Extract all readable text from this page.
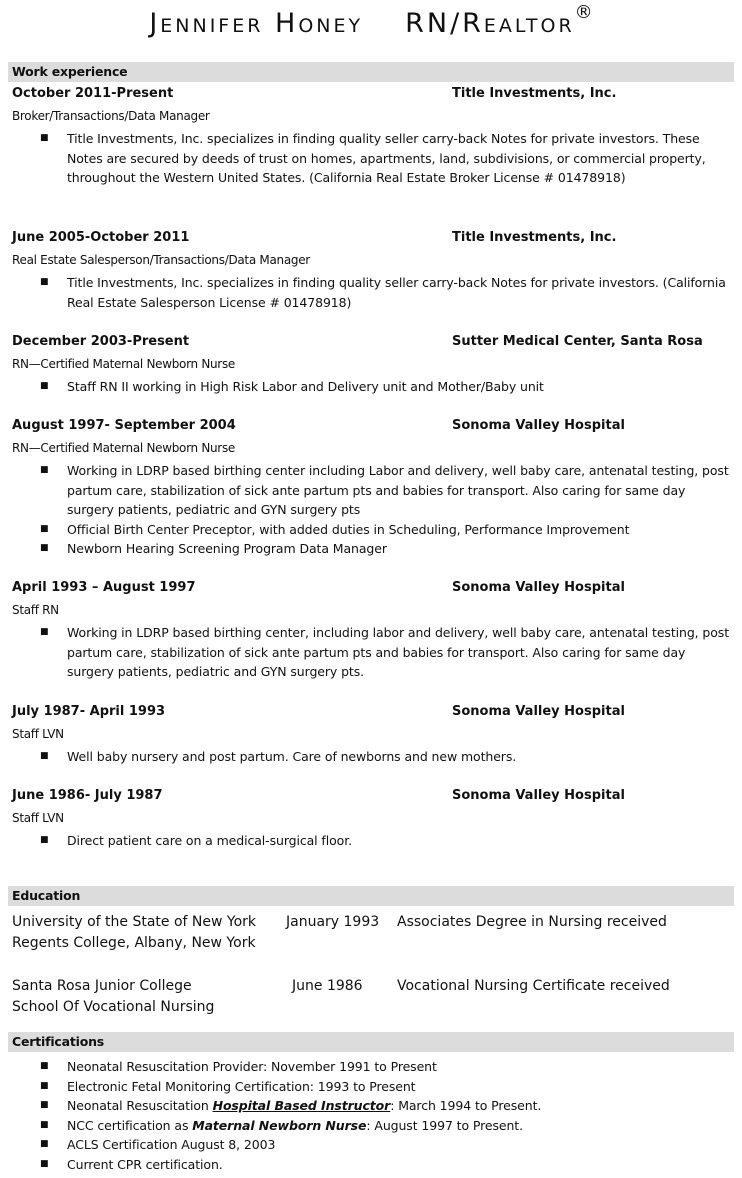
Jennifer Honey RN/Realtor®
Work experience
October 2011-Present	Title Investments, Inc.
Broker/Transactions/Data Manager
■ Title Investments, Inc. specializes in finding quality seller carry-back Notes for private investors. These Notes are secured by deeds of trust on homes, apartments, land, subdivisions, or commercial property, throughout the Western United States. (California Real Estate Broker License # 01478918)
June 2005-October 2011	Title Investments, Inc.
Real Estate Salesperson/Transactions/Data Manager
■ Title Investments, Inc. specializes in finding quality seller carry-back Notes for private investors. (California Real Estate Salesperson License # 01478918)
December 2003-Present	Sutter Medical Center, Santa Rosa
RN—Certified Maternal Newborn Nurse
■ Staff RN II working in High Risk Labor and Delivery unit and Mother/Baby unit
August 1997- September 2004	Sonoma Valley Hospital
RN—Certified Maternal Newborn Nurse
■ Working in LDRP based birthing center including Labor and delivery, well baby care, antenatal testing, post partum care, stabilization of sick ante partum pts and babies for transport. Also caring for same day surgery patients, pediatric and GYN surgery pts
■ Official Birth Center Preceptor, with added duties in Scheduling, Performance Improvement
■ Newborn Hearing Screening Program Data Manager
April 1993 – August 1997	Sonoma Valley Hospital
Staff RN
■ Working in LDRP based birthing center, including labor and delivery, well baby care, antenatal testing, post partum care, stabilization of sick ante partum pts and babies for transport. Also caring for same day surgery patients, pediatric and GYN surgery pts.
July 1987- April 1993	Sonoma Valley Hospital
Staff LVN
■ Well baby nursery and post partum. Care of newborns and new mothers.
June 1986- July 1987	Sonoma Valley Hospital
Staff LVN
■ Direct patient care on a medical-surgical floor.
Education
University of the State of New York January 1993 Associates Degree in Nursing received
Regents College, Albany, New York
Santa Rosa Junior College	June 1986 Vocational Nursing Certificate received
School Of Vocational Nursing
Certifications
■ Neonatal Resuscitation Provider: November 1991 to Present
■ Electronic Fetal Monitoring Certification: 1993 to Present
■ Neonatal Resuscitation Hospital Based Instructor: March 1994 to Present.
■ NCC certification as Maternal Newborn Nurse: August 1997 to Present.
■ ACLS Certification August 8, 2003
■ Current CPR certification.
